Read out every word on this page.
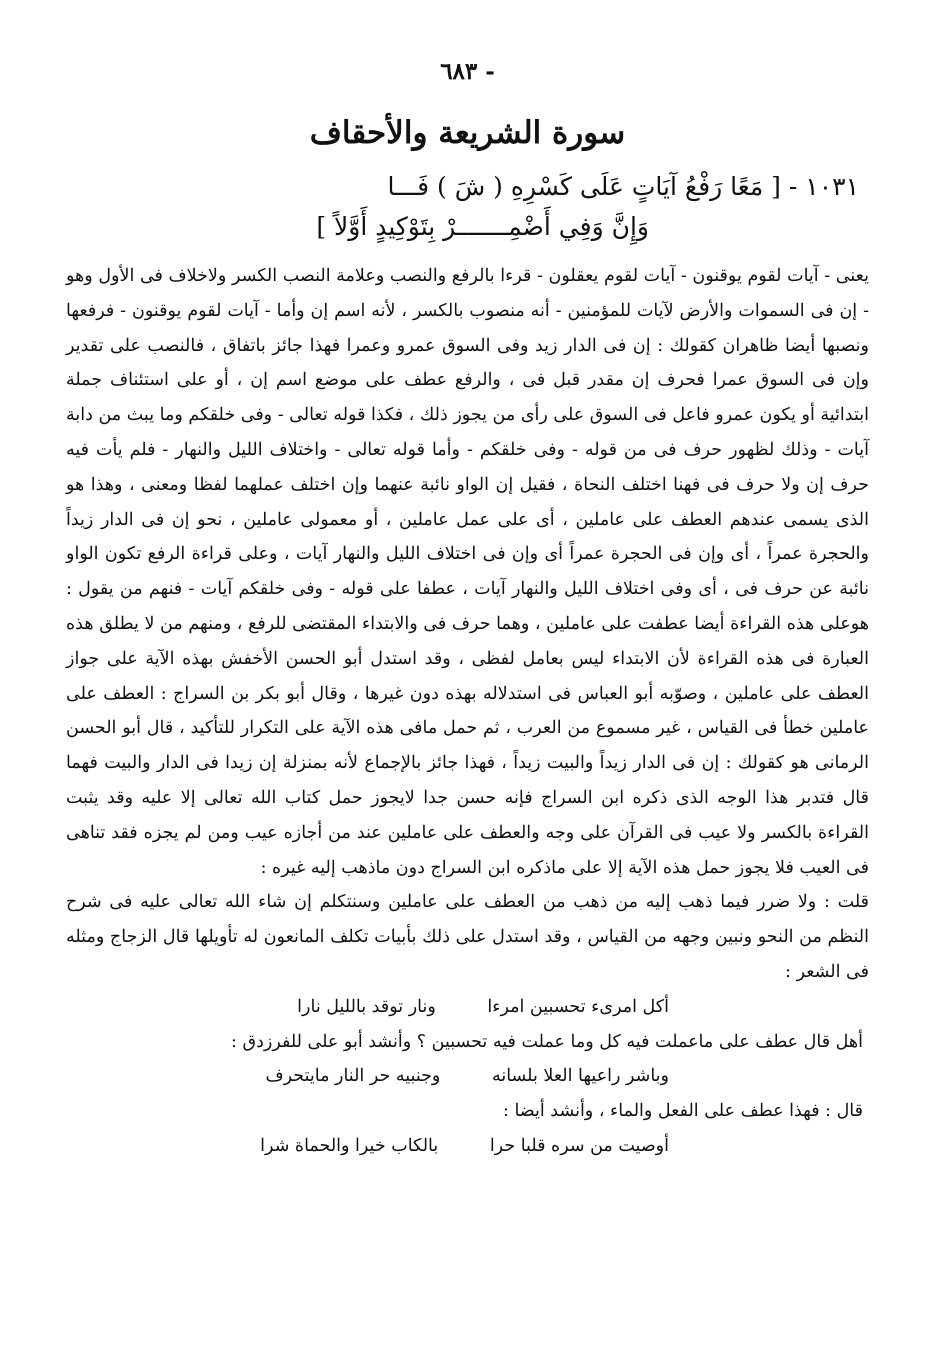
- ٦٨٣
سورة الشريعة والأحقاف
١٠٣١ - [ مَعًا رَفْعُ آيَاتٍ عَلَى كَسْرِهِ ( شَ ) فَـــا
وَإِنَّ وَفِي أَضْمِـــــــرْ بِتَوْكِيدٍ أَوَّلاً ]

يعنى - آيات لقوم يوقنون - آيات لقوم يعقلون - قرءا بالرفع والنصب وعلامة النصب الكسر ولاخلاف فى الأول وهو - إن فى السموات والأرض لآيات للمؤمنين - أنه منصوب بالكسر ، لأنه اسم إن وأما - آيات لقوم يوقنون - فرفعها ونصبها أيضا ظاهران كقولك : إن فى الدار زيد وفى السوق عمرو وعمرا فهذا جائز باتفاق ، فالنصب على تقدير وإن فى السوق عمرا فحرف إن مقدر قبل فى ، والرفع عطف على موضع اسم إن ، أو على استئناف جملة ابتدائية أو يكون عمرو فاعل فى السوق على رأى من يجوز ذلك ، فكذا قوله تعالى - وفى خلقكم وما يبث من دابة آيات - وذلك لظهور حرف فى من قوله - وفى خلقكم - وأما قوله تعالى - واختلاف الليل والنهار - فلم يأت فيه حرف إن ولا حرف فى فهنا اختلف النحاة ، فقيل إن الواو نائبة عنهما وإن اختلف عملهما لفظا ومعنى ، وهذا هو الذى يسمى عندهم العطف على عاملين ، أى على عمل عاملين ، أو معمولى عاملين ، نحو إن فى الدار زيداً والحجرة عمراً ، أى وإن فى الحجرة عمراً أى وإن فى اختلاف الليل والنهار آيات ، وعلى قراءة الرفع تكون الواو نائبة عن حرف فى ، أى وفى اختلاف الليل والنهار آيات ، عطفا على قوله - وفى خلقكم آيات - فنهم من يقول : هوعلى هذه القراءة أيضا عطفت على عاملين ، وهما حرف فى والابتداء المقتضى للرفع ، ومنهم من لا يطلق هذه العبارة فى هذه القراءة لأن الابتداء ليس بعامل لفظى ، وقد استدل أبو الحسن الأخفش بهذه الآية على جواز العطف على عاملين ، وصوّبه أبو العباس فى استدلاله بهذه دون غيرها ، وقال أبو بكر بن السراج : العطف على عاملين خطأ فى القياس ، غير مسموع من العرب ، ثم حمل مافى هذه الآية على التكرار للتأكيد ، قال أبو الحسن الرمانى هو كقولك : إن فى الدار زيداً والبيت زيداً ، فهذا جائز بالإجماع لأنه بمنزلة إن زيدا فى الدار والبيت فهما قال فتدبر هذا الوجه الذى ذكره ابن السراج فإنه حسن جدا لايجوز حمل كتاب الله تعالى إلا عليه وقد يثبت القراءة بالكسر ولا عيب فى القرآن على وجه والعطف على عاملين عند من أجازه عيب ومن لم يجزه فقد تناهى فى العيب فلا يجوز حمل هذه الآية إلا على ماذكره ابن السراج دون ماذهب إليه غيره :

قلت : ولا ضرر فيما ذهب إليه من ذهب من العطف على عاملين وسنتكلم إن شاء الله تعالى عليه فى شرح النظم من النحو ونبين وجهه من القياس ، وقد استدل على ذلك بأبيات تكلف المانعون له تأويلها قال الزجاج ومثله فى الشعر :

أكل امرىء تحسبين امرءا ونار توقد بالليل نارا
أهل قال عطف على ماعملت فيه كل وما عملت فيه تحسبين ؟ وأنشد أبو على للفرزدق :
وباشر راعيها العلا بلسانه وجنبيه حر النار مايتحرف
قال : فهذا عطف على الفعل والماء ، وأنشد أيضا :
أوصيت من سره قلبا حرا بالكاب خيرا والحماة شرا
